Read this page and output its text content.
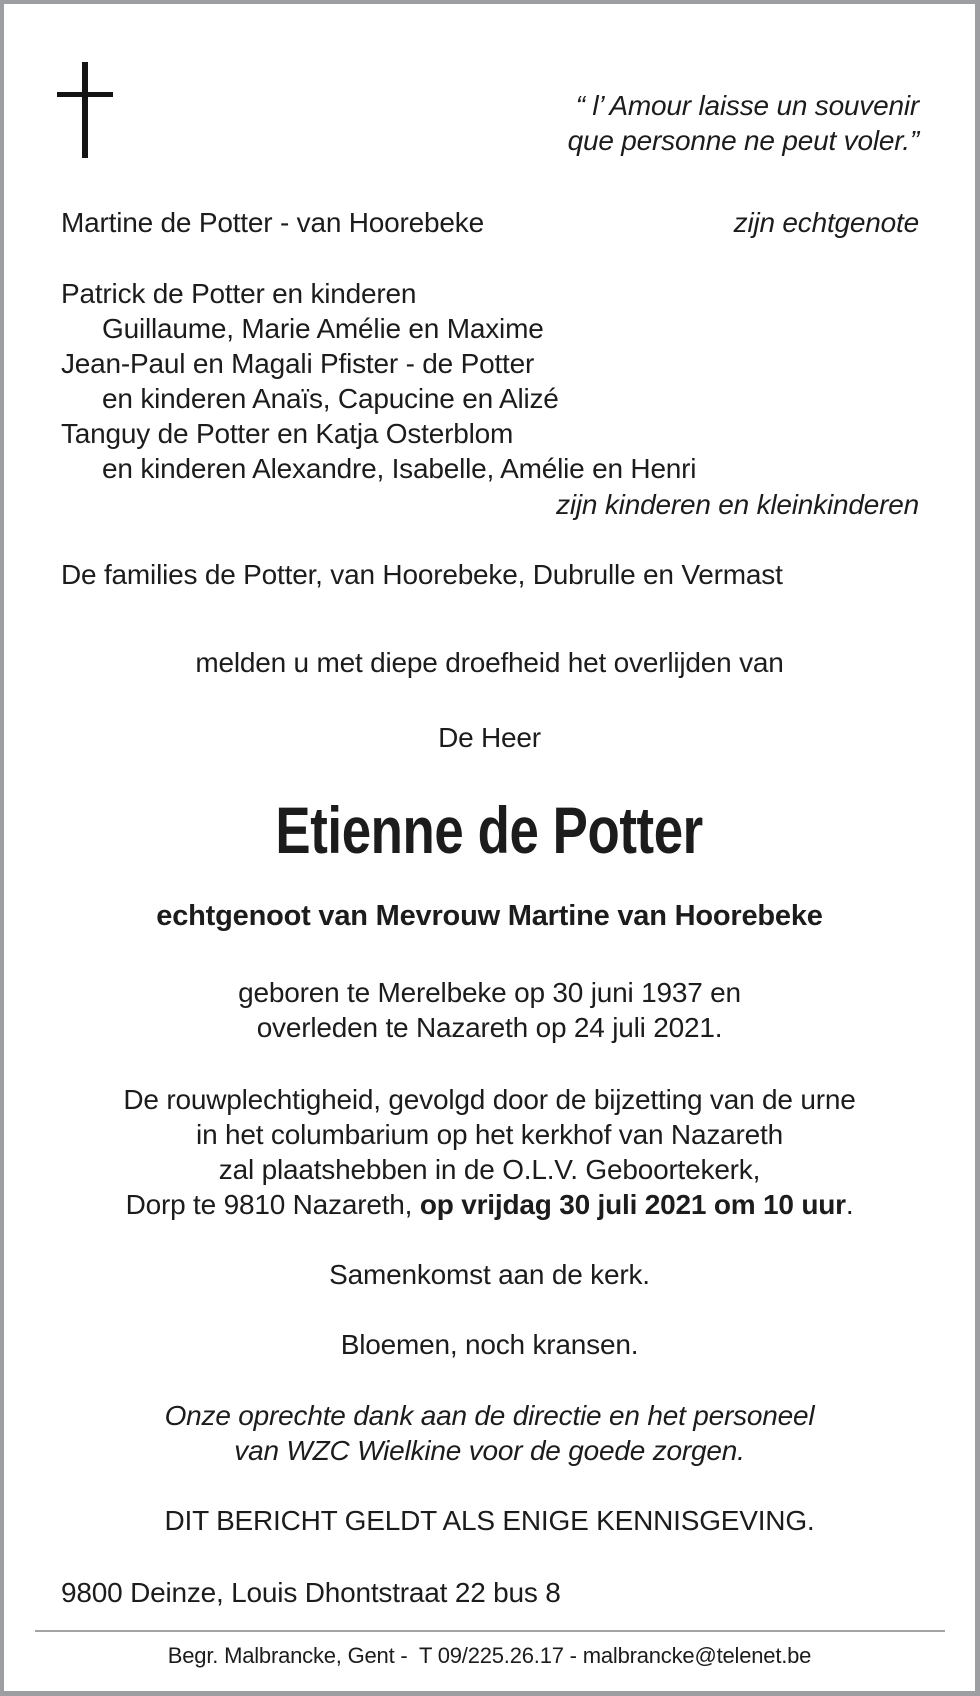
“ l’ Amour laisse un souvenir
que personne ne peut voler.”
Martine de Potter - van Hoorebeke	zijn echtgenote
Patrick de Potter en kinderen
Guillaume, Marie Amélie en Maxime
Jean-Paul en Magali Pfister - de Potter
en kinderen Anaïs, Capucine en Alizé
Tanguy de Potter en Katja Osterblom
en kinderen Alexandre, Isabelle, Amélie en Henri
zijn kinderen en kleinkinderen
De families de Potter, van Hoorebeke, Dubrulle en Vermast
melden u met diepe droefheid het overlijden van
De Heer
Etienne de Potter
echtgenoot van Mevrouw Martine van Hoorebeke
geboren te Merelbeke op 30 juni 1937 en
overleden te Nazareth op 24 juli 2021.
De rouwplechtigheid, gevolgd door de bijzetting van de urne
in het columbarium op het kerkhof van Nazareth
zal plaatshebben in de O.L.V. Geboortekerk,
Dorp te 9810 Nazareth, op vrijdag 30 juli 2021 om 10 uur.
Samenkomst aan de kerk.
Bloemen, noch kransen.
Onze oprechte dank aan de directie en het personeel
van WZC Wielkine voor de goede zorgen.
DIT BERICHT GELDT ALS ENIGE KENNISGEVING.
9800 Deinze, Louis Dhontstraat 22 bus 8
Begr. Malbrancke, Gent -  T 09/225.26.17 - malbrancke@telenet.be
